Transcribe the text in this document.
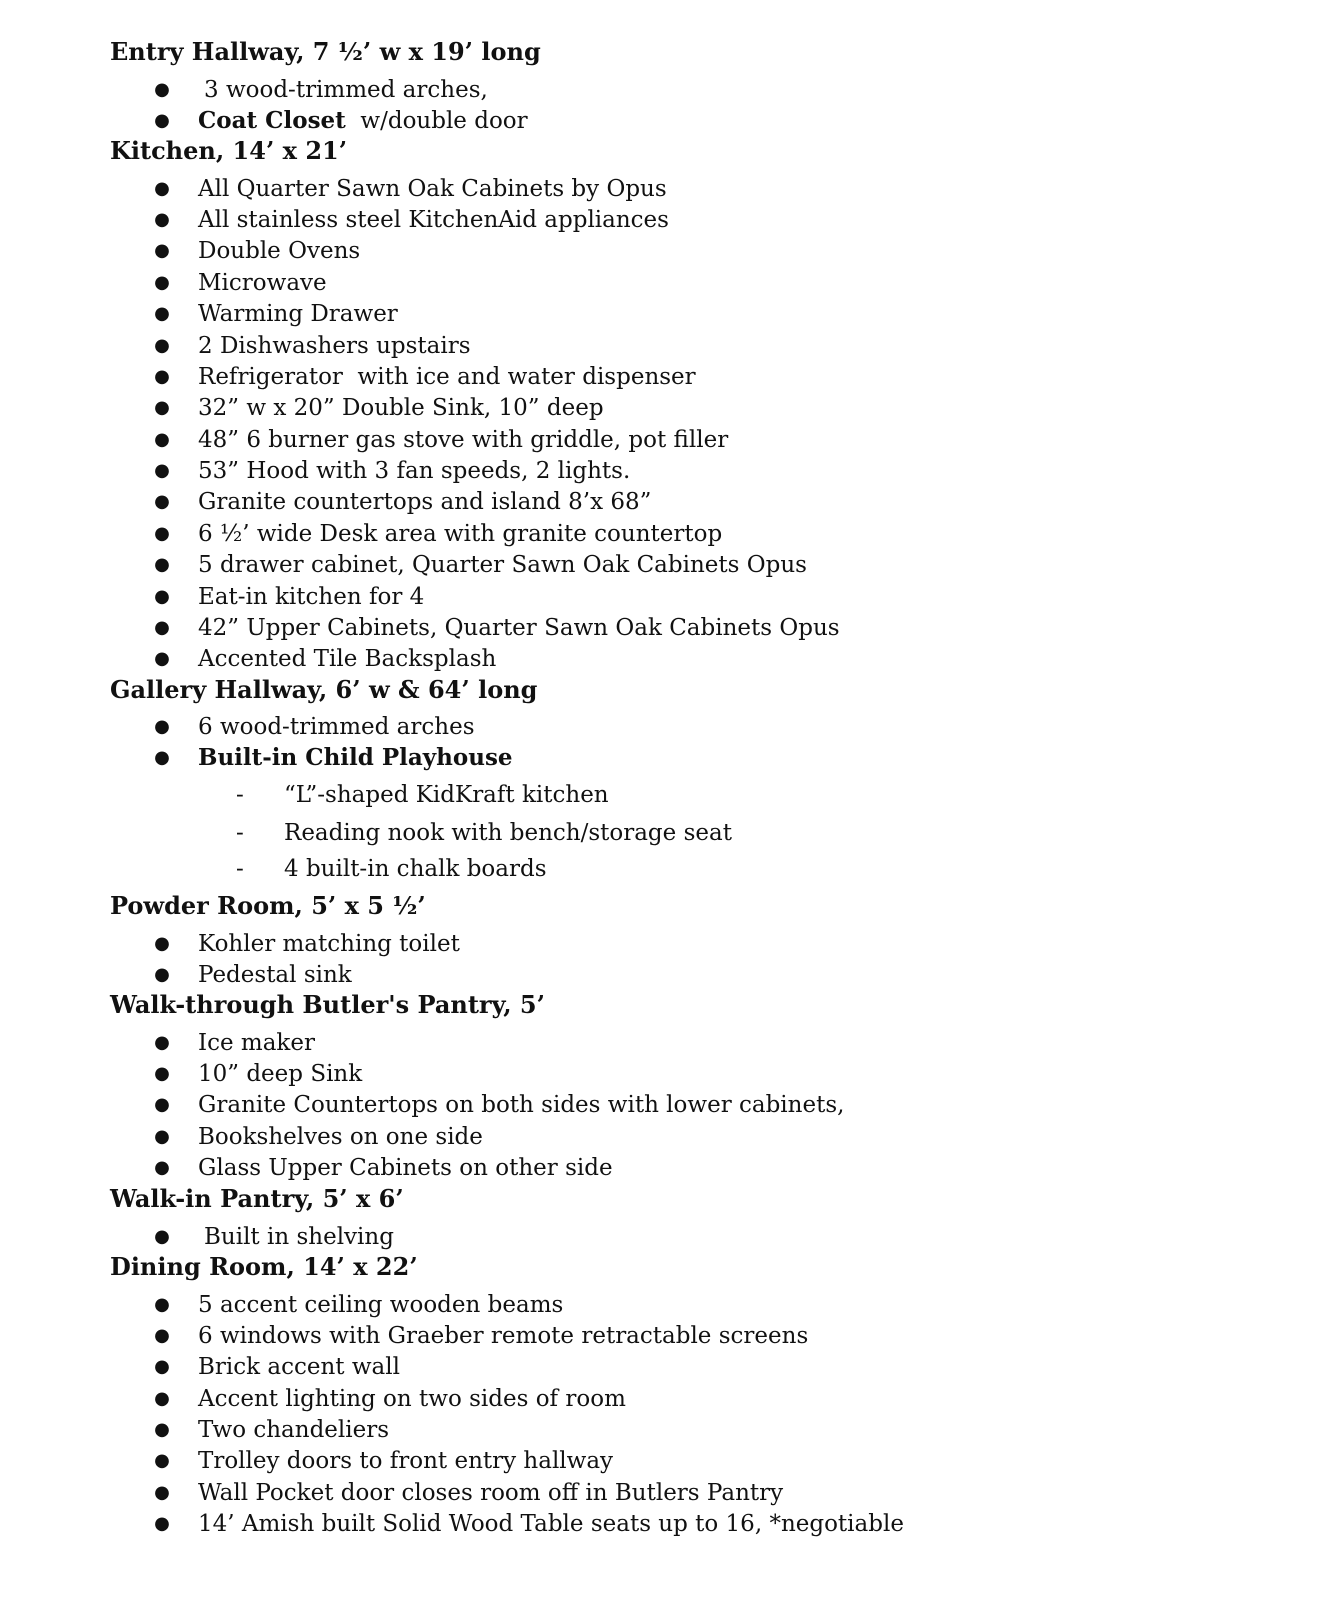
Entry Hallway, 7 ½’ w x 19’ long
● 3 wood-trimmed arches,
● Coat Closet w/double door
Kitchen, 14’ x 21’
● All Quarter Sawn Oak Cabinets by Opus
● All stainless steel KitchenAid appliances
● Double Ovens
● Microwave
● Warming Drawer
● 2 Dishwashers upstairs
● Refrigerator  with ice and water dispenser
● 32” w x 20” Double Sink, 10” deep
● 48” 6 burner gas stove with griddle, pot filler
● 53” Hood with 3 fan speeds, 2 lights.
● Granite countertops and island 8’x 68”
● 6 ½’ wide Desk area with granite countertop
● 5 drawer cabinet, Quarter Sawn Oak Cabinets Opus
● Eat-in kitchen for 4
● 42” Upper Cabinets, Quarter Sawn Oak Cabinets Opus
● Accented Tile Backsplash
Gallery Hallway, 6’ w & 64’ long
● 6 wood-trimmed arches
● Built-in Child Playhouse
- “L”-shaped KidKraft kitchen
- Reading nook with bench/storage seat
- 4 built-in chalk boards
Powder Room, 5’ x 5 ½’
● Kohler matching toilet
● Pedestal sink
Walk-through Butler's Pantry, 5’
● Ice maker
● 10” deep Sink
● Granite Countertops on both sides with lower cabinets,
● Bookshelves on one side
● Glass Upper Cabinets on other side
Walk-in Pantry, 5’ x 6’
● Built in shelving
Dining Room, 14’ x 22’
● 5 accent ceiling wooden beams
● 6 windows with Graeber remote retractable screens
● Brick accent wall
● Accent lighting on two sides of room
● Two chandeliers
● Trolley doors to front entry hallway
● Wall Pocket door closes room off in Butlers Pantry
● 14’ Amish built Solid Wood Table seats up to 16, *negotiable
